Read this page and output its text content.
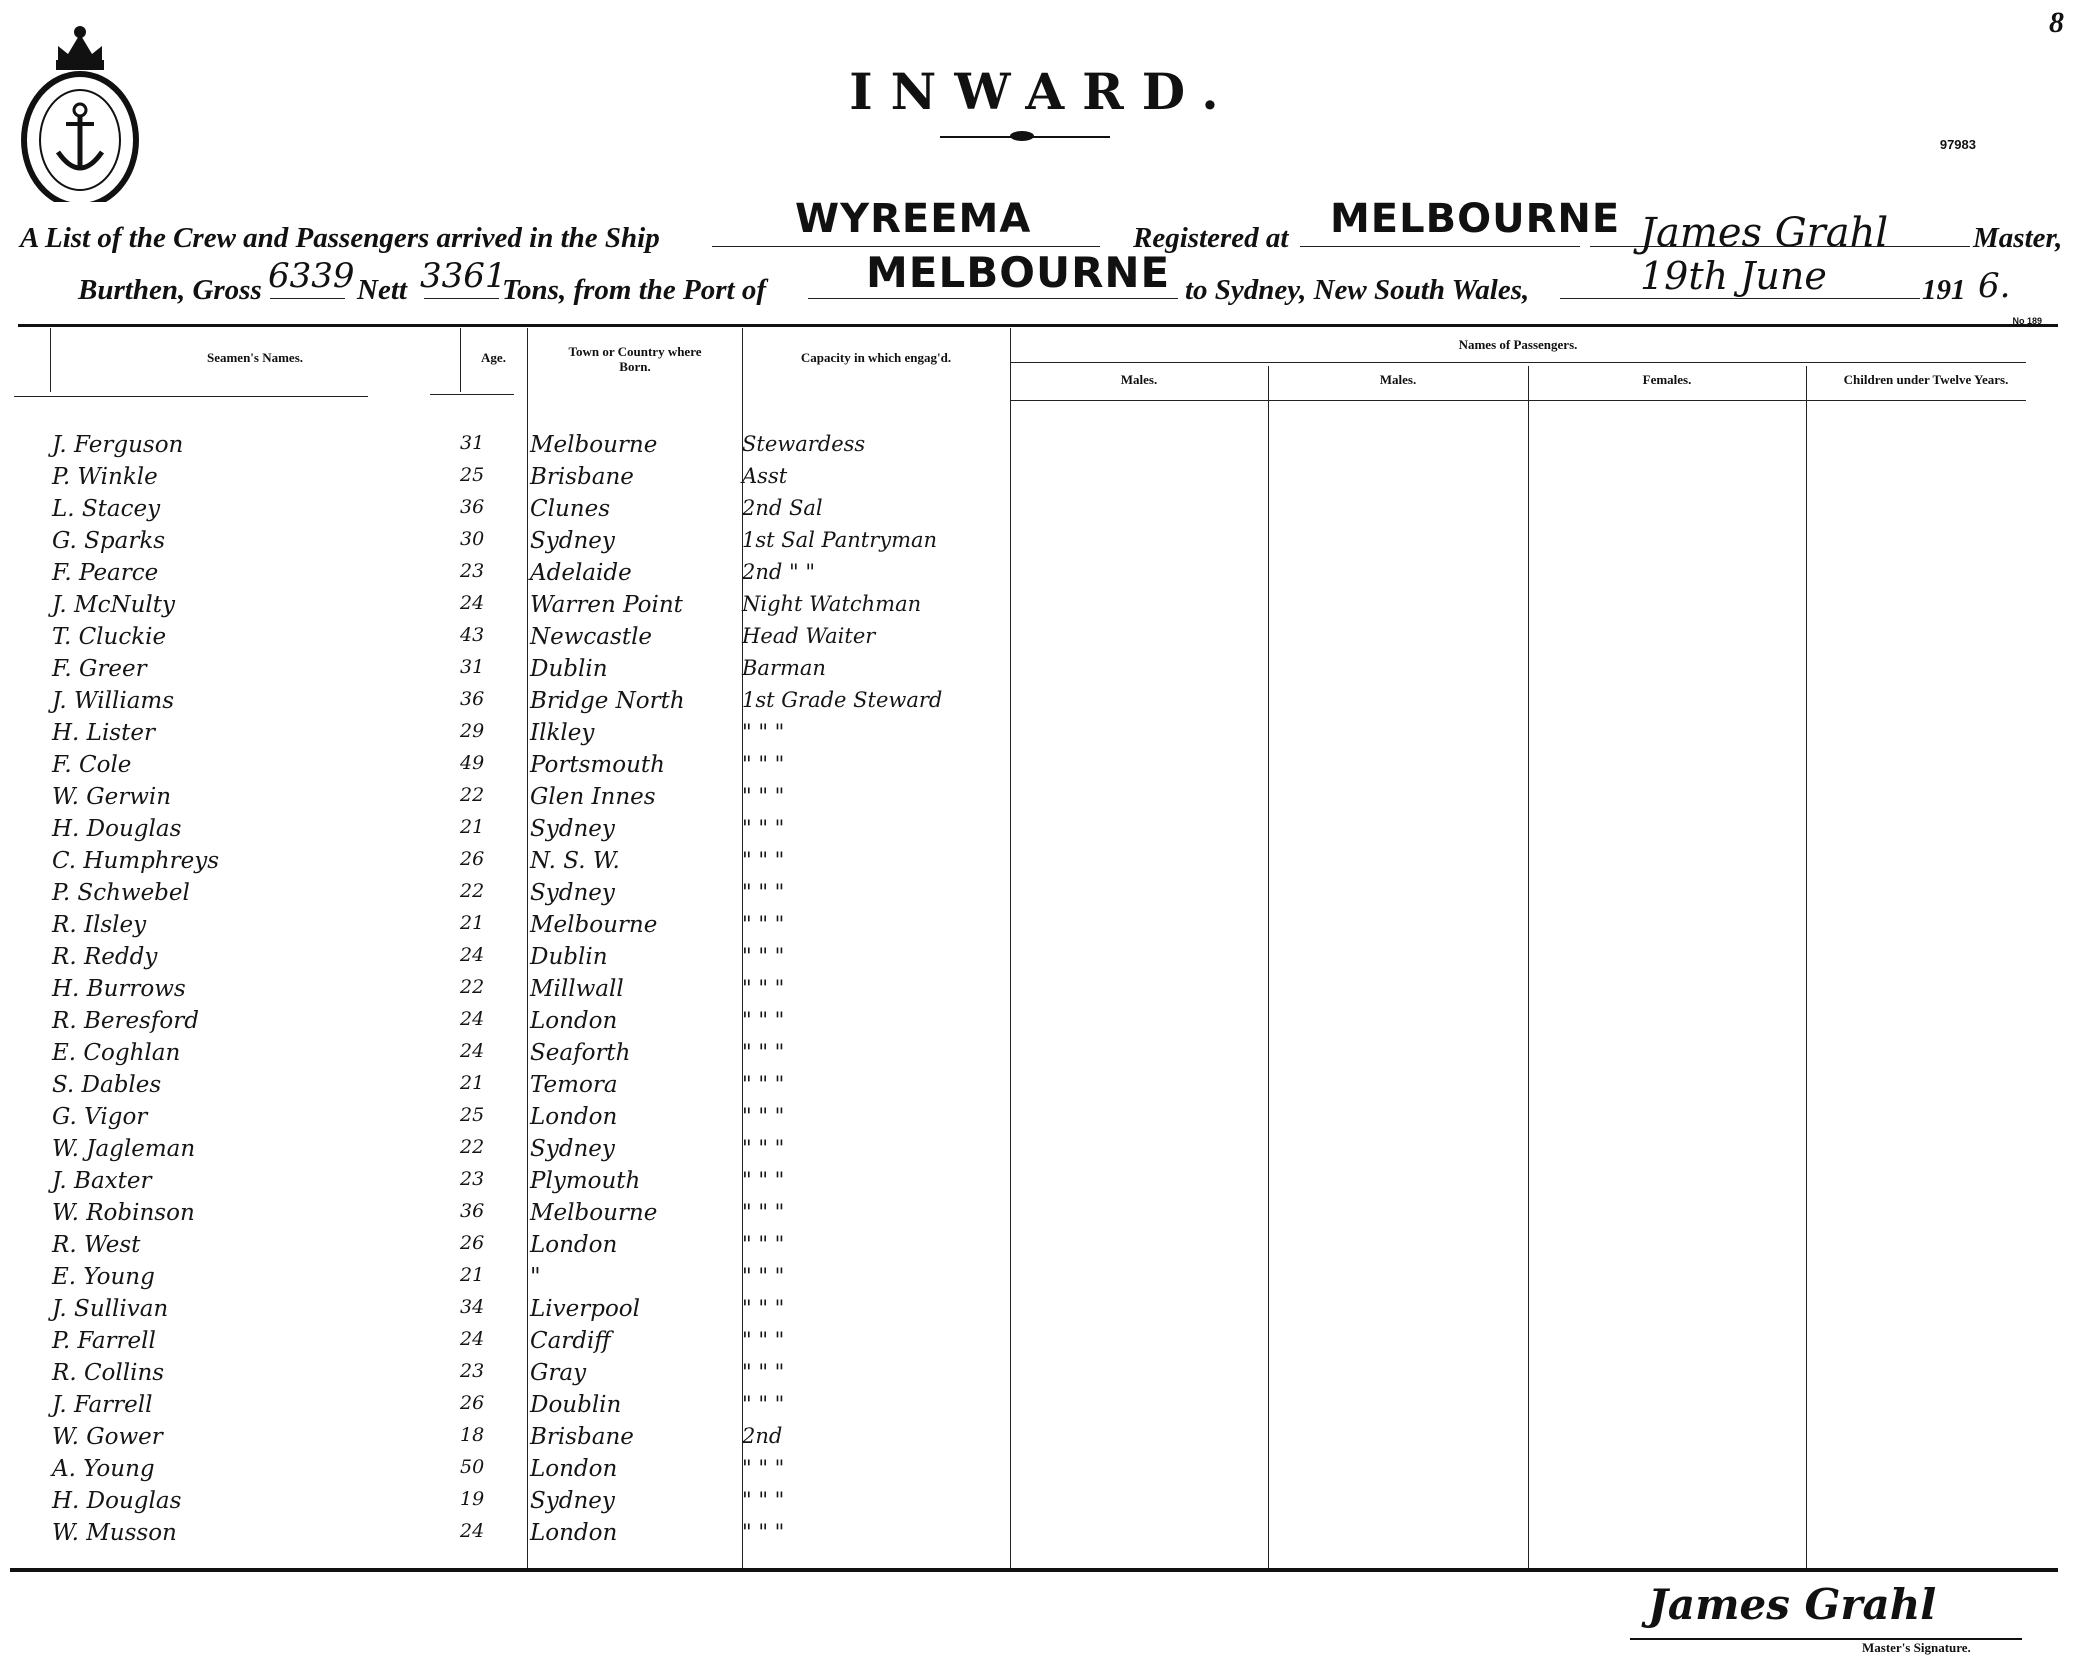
8
INWARD.
97983
A List of the Crew and Passengers arrived in the Ship	WYREEMA	Registered at MELBOURNE James Grahl	Master,
Burthen, Gross 6339 Nett 3361
Tons, from the Port of MELBOURNE to Sydney, New South Wales,	19th June	191 6.
No 189
Seamen's Names.	Age.	Town or Country where Born.
Capacity in which engag'd.
Names of Passengers.
Males.	Males.	Females.	Children under Twelve Years.
J. Ferguson	31 Melbourne	Stewardess
P. Winkle	25 Brisbane	Asst
L. Stacey	36 Clunes	2nd Sal
G. Sparks	30 Sydney	1st Sal Pantryman
F. Pearce	23 Adelaide	2nd " "
J. McNulty	24 Warren Point	Night Watchman
T. Cluckie	43 Newcastle	Head Waiter
F. Greer	31 Dublin	Barman
J. Williams	36 Bridge North	1st Grade Steward
H. Lister	29 Ilkley	" " "
F. Cole	49 Portsmouth	" " "
W. Gerwin	22 Glen Innes	" " "
H. Douglas	21 Sydney	" " "
C. Humphreys	26 N. S. W.	" " "
P. Schwebel	22 Sydney	" " "
R. Ilsley	21 Melbourne	" " "
R. Reddy	24 Dublin	" " "
H. Burrows	22 Millwall	" " "
R. Beresford	24 London	" " "
E. Coghlan	24 Seaforth	" " "
S. Dables	21 Temora	" " "
G. Vigor	25 London	" " "
W. Jagleman	22 Sydney	" " "
J. Baxter	23 Plymouth	" " "
W. Robinson	36 Melbourne	" " "
R. West	26 London	" " "
E. Young	21 "	" " "
J. Sullivan	34 Liverpool	" " "
P. Farrell	24 Cardiff	" " "
R. Collins	23 Gray	" " "
J. Farrell	26 Doublin	" " "
W. Gower	18 Brisbane	2nd
A. Young	50 London	" " "
H. Douglas	19 Sydney	" " "
W. Musson	24 London	" " "
James Grahl
Master's Signature.
